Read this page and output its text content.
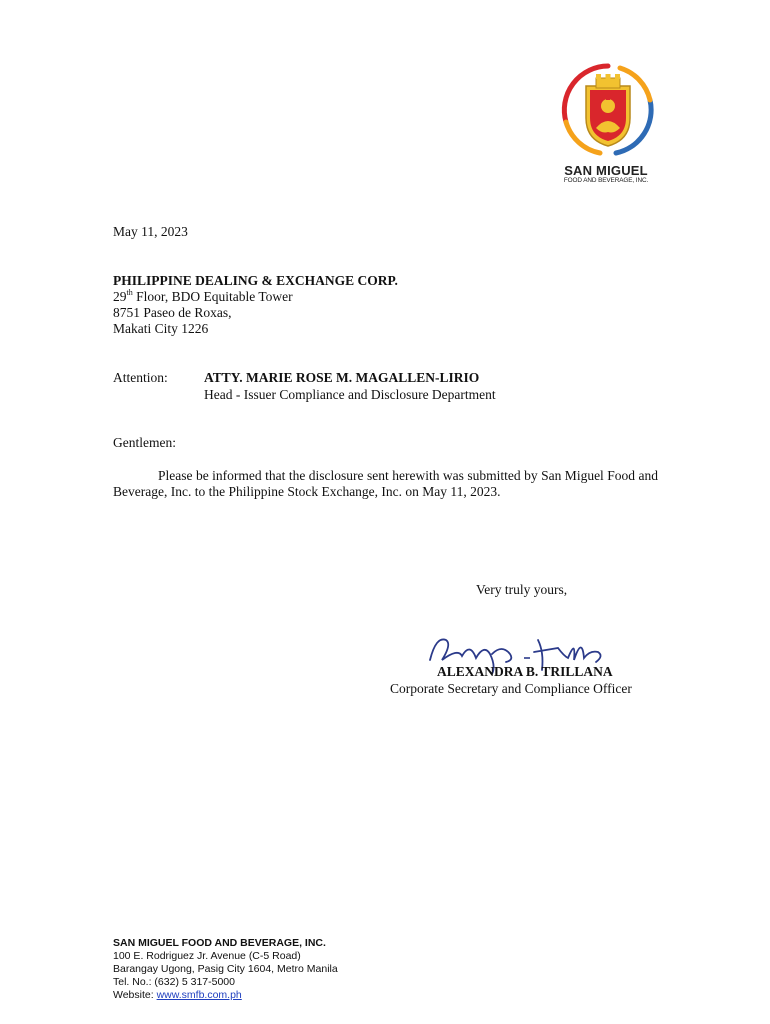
SAN MIGUEL
FOOD AND BEVERAGE, INC.
May 11, 2023
PHILIPPINE DEALING & EXCHANGE CORP.
29th Floor, BDO Equitable Tower
8751 Paseo de Roxas,
Makati City 1226
Attention:	ATTY. MARIE ROSE M. MAGALLEN-LIRIO
Head - Issuer Compliance and Disclosure Department
Gentlemen:
Please be informed that the disclosure sent herewith was submitted by San Miguel Food and Beverage, Inc. to the Philippine Stock Exchange, Inc. on May 11, 2023.
Very truly yours,
ALEXANDRA B. TRILLANA
Corporate Secretary and Compliance Officer
SAN MIGUEL FOOD AND BEVERAGE, INC.
100 E. Rodriguez Jr. Avenue (C-5 Road)
Barangay Ugong, Pasig City 1604, Metro Manila
Tel. No.: (632) 5 317-5000
Website: www.smfb.com.ph
